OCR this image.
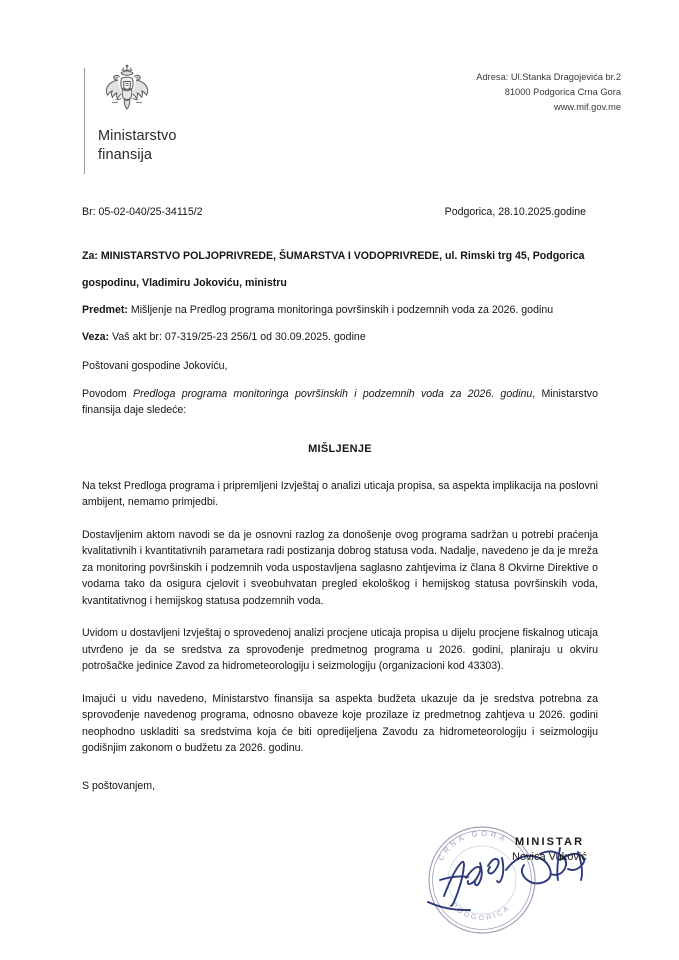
Ministarstvo
finansija
Adresa: Ul.Stanka Dragojevića br.2
81000 Podgorica Crna Gora
www.mif.gov.me
Br: 05-02-040/25-34115/2	Podgorica, 28.10.2025.godine
Za: MINISTARSTVO POLJOPRIVREDE, ŠUMARSTVA I VODOPRIVREDE, ul. Rimski trg 45, Podgorica
gospodinu, Vladimiru Jokoviću, ministru
Predmet: Mišljenje na Predlog programa monitoringa površinskih i podzemnih voda za 2026. godinu
Veza: Vaš akt br: 07-319/25-23 256/1 od 30.09.2025. godine
Poštovani gospodine Jokoviću,
Povodom Predloga programa monitoringa površinskih i podzemnih voda za 2026. godinu, Ministarstvo finansija daje sledeće:
MIŠLJENJE
Na tekst Predloga programa i pripremljeni Izvještaj o analizi uticaja propisa, sa aspekta implikacija na poslovni ambijent, nemamo primjedbi.
Dostavljenim aktom navodi se da je osnovni razlog za donošenje ovog programa sadržan u potrebi praćenja kvalitativnih i kvantitativnih parametara radi postizanja dobrog statusa voda. Nadalje, navedeno je da je mreža za monitoring površinskih i podzemnih voda uspostavljena saglasno zahtjevima iz člana 8 Okvirne Direktive o vodama tako da osigura cjelovit i sveobuhvatan pregled ekološkog i hemijskog statusa površinskih voda, kvantitativnog i hemijskog statusa podzemnih voda.
Uvidom u dostavljeni Izvještaj o sprovedenoj analizi procjene uticaja propisa u dijelu procjene fiskalnog uticaja utvrđeno je da se sredstva za sprovođenje predmetnog programa u 2026. godini, planiraju u okviru potrošačke jedinice Zavod za hidrometeorologiju i seizmologiju (organizacioni kod 43303).
Imajući u vidu navedeno, Ministarstvo finansija sa aspekta budžeta ukazuje da je sredstva potrebna za sprovođenje navedenog programa, odnosno obaveze koje prozilaze iz predmetnog zahtjeva u 2026. godini neophodno uskladiti sa sredstvima koja će biti opredijeljena Zavodu za hidrometeorologiju i seizmologiju godišnjim zakonom o budžetu za 2026. godinu.
S poštovanjem,
CRNA GORA
PODGORICA
MINISTAR
Novica Vuković
